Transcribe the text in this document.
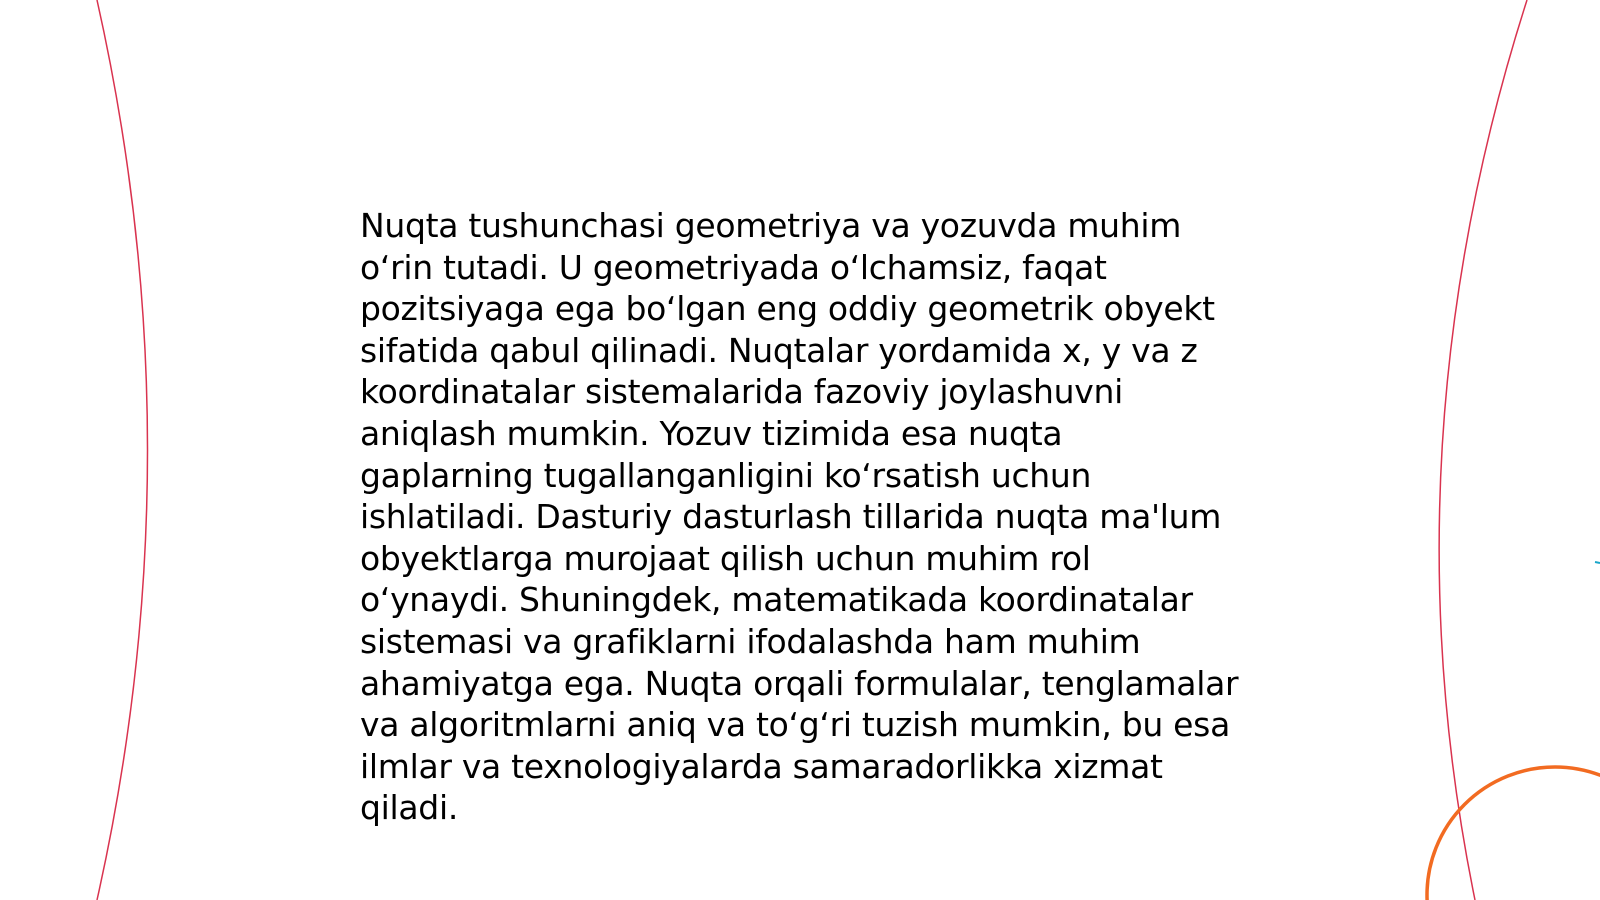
Nuqta tushunchasi geometriya va yozuvda muhim
o‘rin tutadi. U geometriyada o‘lchamsiz, faqat
pozitsiyaga ega bo‘lgan eng oddiy geometrik obyekt
sifatida qabul qilinadi. Nuqtalar yordamida x, y va z
koordinatalar sistemalarida fazoviy joylashuvni
aniqlash mumkin. Yozuv tizimida esa nuqta
gaplarning tugallanganligini ko‘rsatish uchun
ishlatiladi. Dasturiy dasturlash tillarida nuqta ma'lum
obyektlarga murojaat qilish uchun muhim rol
o‘ynaydi. Shuningdek, matematikada koordinatalar
sistemasi va grafiklarni ifodalashda ham muhim
ahamiyatga ega. Nuqta orqali formulalar, tenglamalar
va algoritmlarni aniq va to‘g‘ri tuzish mumkin, bu esa
ilmlar va texnologiyalarda samaradorlikka xizmat
qiladi.
